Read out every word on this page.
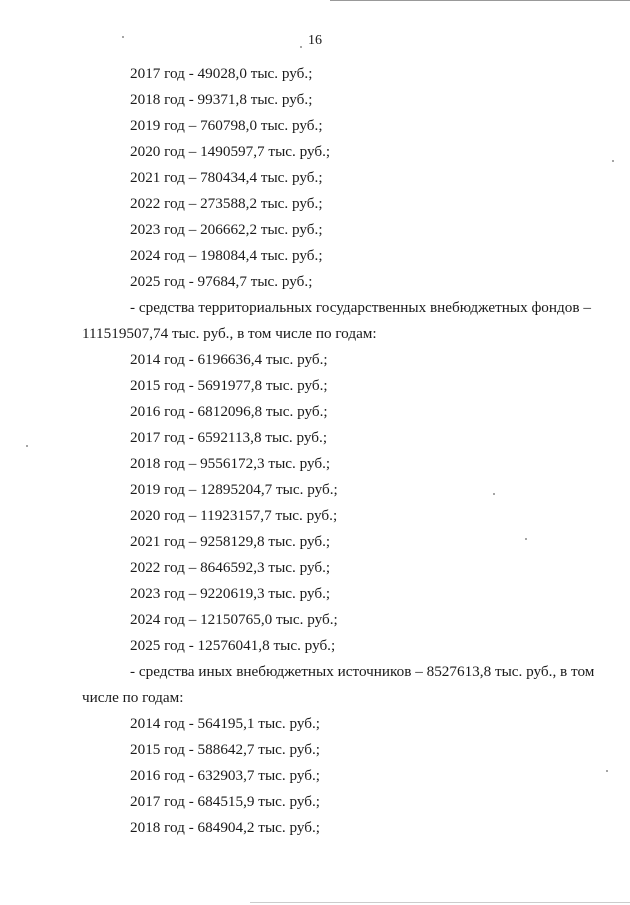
16
2017 год - 49028,0 тыс. руб.;
2018 год - 99371,8 тыс. руб.;
2019 год – 760798,0 тыс. руб.;
2020 год – 1490597,7 тыс. руб.;
2021 год – 780434,4 тыс. руб.;
2022 год – 273588,2 тыс. руб.;
2023 год – 206662,2 тыс. руб.;
2024 год – 198084,4 тыс. руб.;
2025 год - 97684,7 тыс. руб.;
- средства территориальных государственных внебюджетных фондов –
111519507,74 тыс. руб., в том числе по годам:
2014 год - 6196636,4 тыс. руб.;
2015 год - 5691977,8 тыс. руб.;
2016 год - 6812096,8 тыс. руб.;
2017 год - 6592113,8 тыс. руб.;
2018 год – 9556172,3 тыс. руб.;
2019 год – 12895204,7 тыс. руб.;
2020 год – 11923157,7 тыс. руб.;
2021 год – 9258129,8 тыс. руб.;
2022 год – 8646592,3 тыс. руб.;
2023 год – 9220619,3 тыс. руб.;
2024 год – 12150765,0 тыс. руб.;
2025 год - 12576041,8 тыс. руб.;
- средства иных внебюджетных источников – 8527613,8 тыс. руб., в том
числе по годам:
2014 год - 564195,1 тыс. руб.;
2015 год - 588642,7 тыс. руб.;
2016 год - 632903,7 тыс. руб.;
2017 год - 684515,9 тыс. руб.;
2018 год - 684904,2 тыс. руб.;
